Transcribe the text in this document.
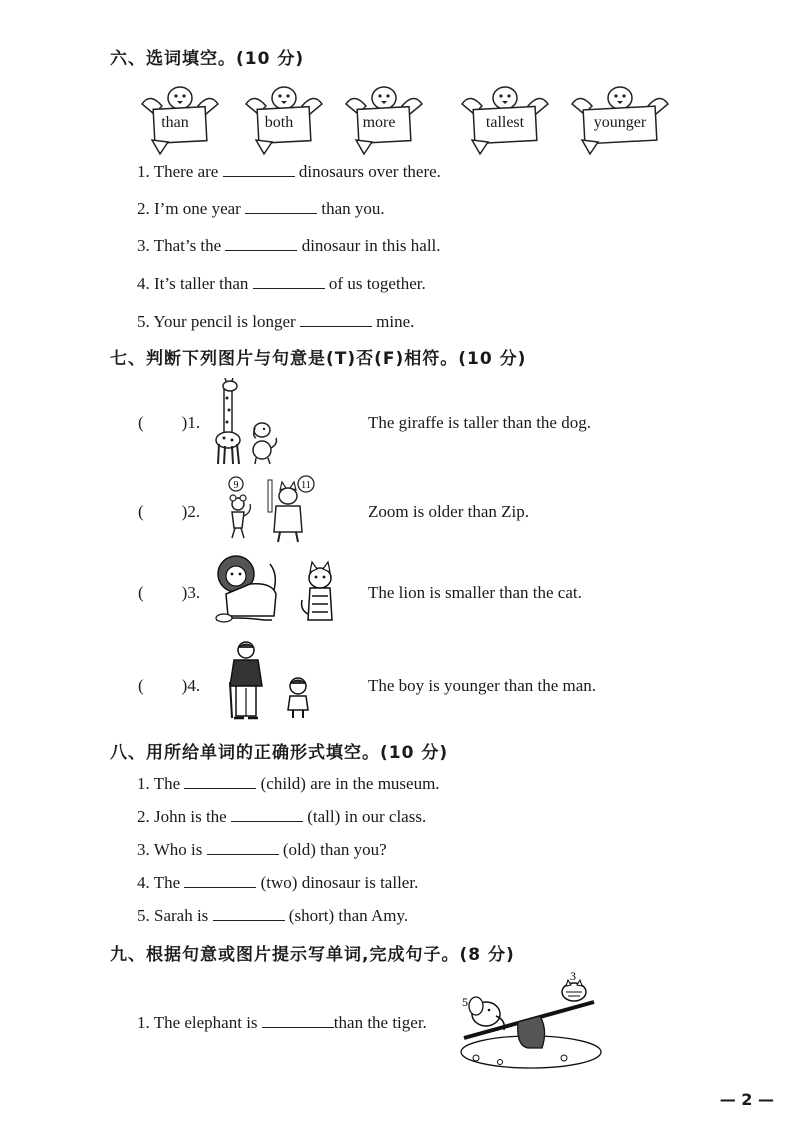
六、选词填空。(10 分)
than	both	more	tallest	younger
1. There are	dinosaurs over there.
2. I’m one year	than you.
3. That’s the	dinosaur in this hall.
4. It’s taller than	of us together.
5. Your pencil is longer	mine.
七、判断下列图片与句意是(T)否(F)相符。(10 分)
( )1.	The giraffe is taller than the dog.
( )2.
9	11
Zoom is older than Zip.
( )3.	The lion is smaller than the cat.
( )4.	The boy is younger than the man.
八、用所给单词的正确形式填空。(10 分)
1. The	(child) are in the museum.
2. John is the	(tall) in our class.
3. Who is	(old) than you?
4. The	(two) dinosaur is taller.
5. Sarah is	(short) than Amy.
九、根据句意或图片提示写单词,完成句子。(8 分)
1. The elephant is	than the tiger.
5
3
— 2 —
